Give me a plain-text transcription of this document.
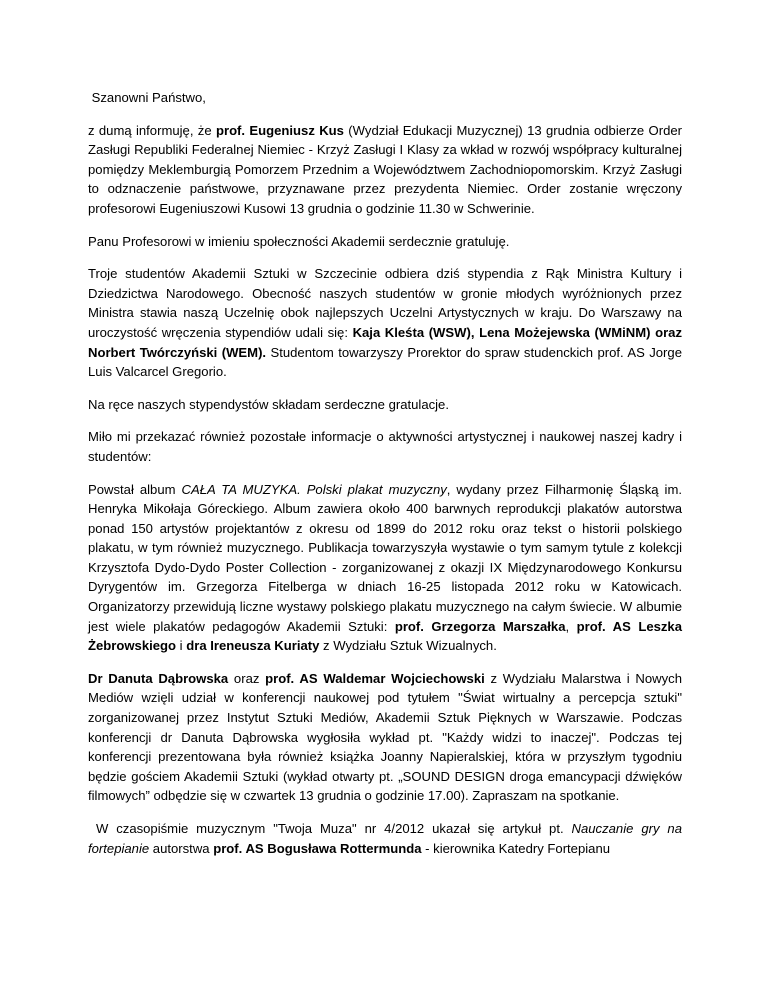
Szanowni Państwo,

z dumą informuję, że prof. Eugeniusz Kus (Wydział Edukacji Muzycznej) 13 grudnia odbierze Order Zasługi Republiki Federalnej Niemiec - Krzyż Zasługi I Klasy za wkład w rozwój współpracy kulturalnej pomiędzy Meklemburgią Pomorzem Przednim a Województwem Zachodniopomorskim. Krzyż Zasługi to odznaczenie państwowe, przyznawane przez prezydenta Niemiec. Order zostanie wręczony profesorowi Eugeniuszowi Kusowi 13 grudnia o godzinie 11.30 w Schwerinie.

Panu Profesorowi w imieniu społeczności Akademii serdecznie gratuluję.

Troje studentów Akademii Sztuki w Szczecinie odbiera dziś stypendia z Rąk Ministra Kultury i Dziedzictwa Narodowego. Obecność naszych studentów w gronie młodych wyróżnionych przez Ministra stawia naszą Uczelnię obok najlepszych Uczelni Artystycznych w kraju. Do Warszawy na uroczystość wręczenia stypendiów udali się: Kaja Kleśta (WSW), Lena Możejewska (WMiNM) oraz Norbert Twórczyński (WEM). Studentom towarzyszy Prorektor do spraw studenckich prof. AS Jorge Luis Valcarcel Gregorio.

Na ręce naszych stypendystów składam serdeczne gratulacje.

Miło mi przekazać również pozostałe informacje o aktywności artystycznej i naukowej naszej kadry i studentów:

Powstał album CAŁA TA MUZYKA. Polski plakat muzyczny, wydany przez Filharmonię Śląską im. Henryka Mikołaja Góreckiego. Album zawiera około 400 barwnych reprodukcji plakatów autorstwa ponad 150 artystów projektantów z okresu od 1899 do 2012 roku oraz tekst o historii polskiego plakatu, w tym również muzycznego. Publikacja towarzyszyła wystawie o tym samym tytule z kolekcji Krzysztofa Dydo-Dydo Poster Collection - zorganizowanej z okazji IX Międzynarodowego Konkursu Dyrygentów im. Grzegorza Fitelberga w dniach 16-25 listopada 2012 roku w Katowicach. Organizatorzy przewidują liczne wystawy polskiego plakatu muzycznego na całym świecie. W albumie jest wiele plakatów pedagogów Akademii Sztuki: prof. Grzegorza Marszałka, prof. AS Leszka Żebrowskiego i dra Ireneusza Kuriaty z Wydziału Sztuk Wizualnych.

Dr Danuta Dąbrowska oraz prof. AS Waldemar Wojciechowski z Wydziału Malarstwa i Nowych Mediów wzięli udział w konferencji naukowej pod tytułem "Świat wirtualny a percepcja sztuki" zorganizowanej przez Instytut Sztuki Mediów, Akademii Sztuk Pięknych w Warszawie. Podczas konferencji dr Danuta Dąbrowska wygłosiła wykład pt. "Każdy widzi to inaczej". Podczas tej konferencji prezentowana była również książka Joanny Napieralskiej, która w przyszłym tygodniu będzie gościem Akademii Sztuki (wykład otwarty pt. „SOUND DESIGN droga emancypacji dźwięków filmowych” odbędzie się w czwartek 13 grudnia o godzinie 17.00). Zapraszam na spotkanie.

W czasopiśmie muzycznym "Twoja Muza" nr 4/2012 ukazał się artykuł pt. Nauczanie gry na fortepianie autorstwa prof. AS Bogusława Rottermunda - kierownika Katedry Fortepianu
